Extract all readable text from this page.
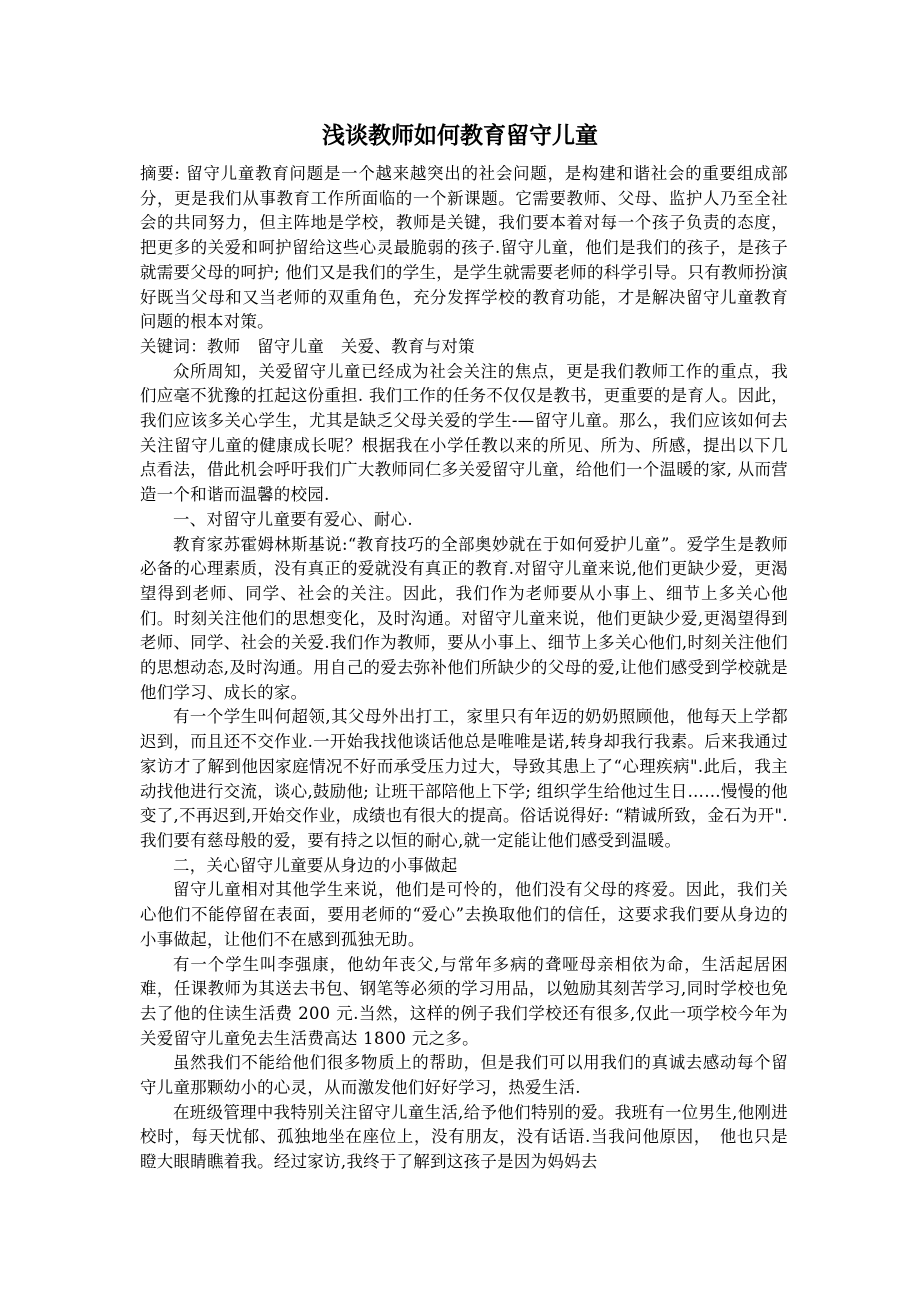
浅谈教师如何教育留守儿童

摘要: 留守儿童教育问题是一个越来越突出的社会问题，是构建和谐社会的重要组成部分，更是我们从事教育工作所面临的一个新课题。它需要教师、父母、监护人乃至全社会的共同努力，但主阵地是学校，教师是关键，我们要本着对每一个孩子负责的态度，把更多的关爱和呵护留给这些心灵最脆弱的孩子.留守儿童，他们是我们的孩子，是孩子就需要父母的呵护; 他们又是我们的学生，是学生就需要老师的科学引导。只有教师扮演好既当父母和又当老师的双重角色，充分发挥学校的教育功能，才是解决留守儿童教育问题的根本对策。

关键词：教师　留守儿童　关爱、教育与对策

众所周知，关爱留守儿童已经成为社会关注的焦点，更是我们教师工作的重点，我们应毫不犹豫的扛起这份重担. 我们工作的任务不仅仅是教书，更重要的是育人。因此，我们应该多关心学生，尤其是缺乏父母关爱的学生-—留守儿童。那么，我们应该如何去关注留守儿童的健康成长呢？根据我在小学任教以来的所见、所为、所感，提出以下几点看法，借此机会呼吁我们广大教师同仁多关爱留守儿童，给他们一个温暖的家, 从而营造一个和谐而温馨的校园.

一、对留守儿童要有爱心、耐心.

教育家苏霍姆林斯基说:“教育技巧的全部奥妙就在于如何爱护儿童”。爱学生是教师必备的心理素质，没有真正的爱就没有真正的教育.对留守儿童来说,他们更缺少爱，更渴望得到老师、同学、社会的关注。因此，我们作为老师要从小事上、细节上多关心他们。时刻关注他们的思想变化，及时沟通。对留守儿童来说，他们更缺少爱,更渴望得到老师、同学、社会的关爱.我们作为教师，要从小事上、细节上多关心他们,时刻关注他们的思想动态,及时沟通。用自己的爱去弥补他们所缺少的父母的爱,让他们感受到学校就是他们学习、成长的家。

有一个学生叫何超领,其父母外出打工，家里只有年迈的奶奶照顾他，他每天上学都迟到，而且还不交作业.一开始我找他谈话他总是唯唯是诺,转身却我行我素。后来我通过家访才了解到他因家庭情况不好而承受压力过大，导致其患上了“心理疾病".此后，我主动找他进行交流，谈心,鼓励他; 让班干部陪他上下学; 组织学生给他过生日……慢慢的他变了,不再迟到,开始交作业，成绩也有很大的提高。俗话说得好: “精诚所致，金石为开".我们要有慈母般的爱，要有持之以恒的耐心,就一定能让他们感受到温暖。

二，关心留守儿童要从身边的小事做起

留守儿童相对其他学生来说，他们是可怜的，他们没有父母的疼爱。因此，我们关心他们不能停留在表面，要用老师的“爱心”去换取他们的信任，这要求我们要从身边的小事做起，让他们不在感到孤独无助。

有一个学生叫李强康，他幼年丧父,与常年多病的聋哑母亲相依为命，生活起居困难，任课教师为其送去书包、钢笔等必须的学习用品，以勉励其刻苦学习,同时学校也免去了他的住读生活费 200 元.当然，这样的例子我们学校还有很多,仅此一项学校今年为关爱留守儿童免去生活费高达 1800 元之多。

虽然我们不能给他们很多物质上的帮助，但是我们可以用我们的真诚去感动每个留守儿童那颗幼小的心灵，从而激发他们好好学习，热爱生活.

在班级管理中我特别关注留守儿童生活,给予他们特别的爱。我班有一位男生,他刚进校时，每天忧郁、孤独地坐在座位上，没有朋友，没有话语.当我问他原因，　他也只是瞪大眼睛瞧着我。经过家访,我终于了解到这孩子是因为妈妈去
